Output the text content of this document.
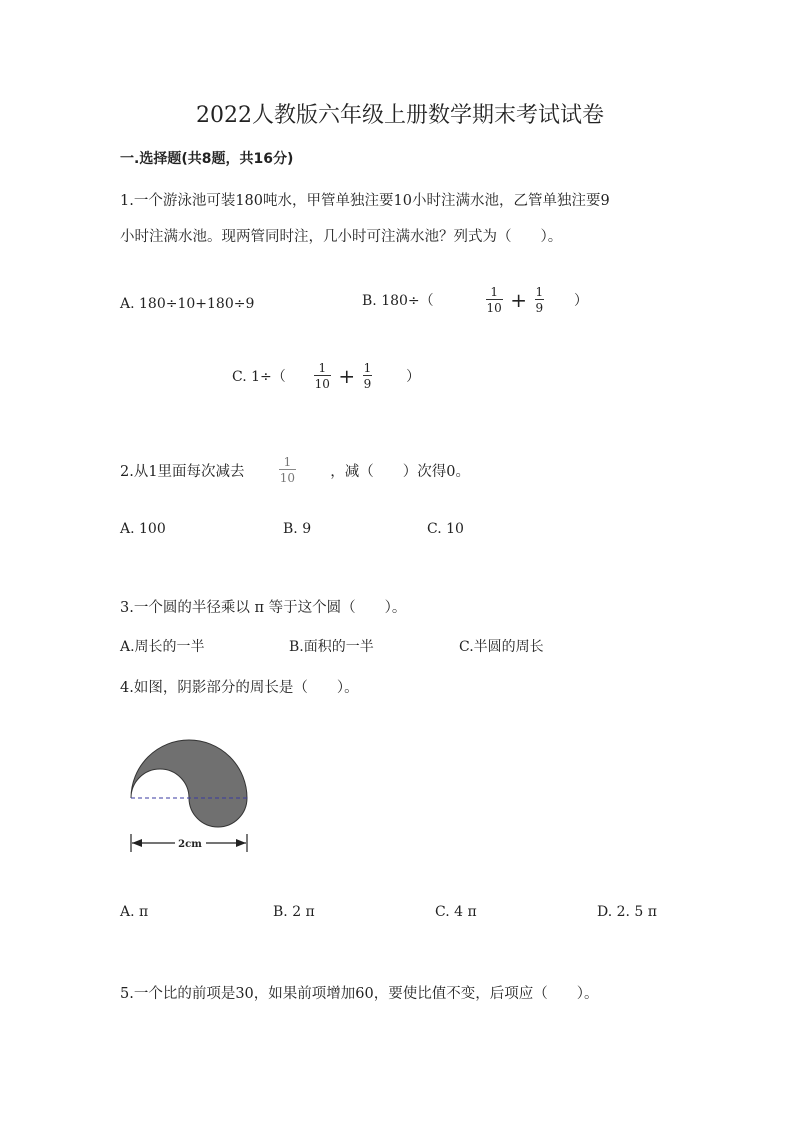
2022人教版六年级上册数学期末考试试卷
一.选择题(共8题，共16分)
1.一个游泳池可装180吨水，甲管单独注要10小时注满水池，乙管单独注要9
小时注满水池。现两管同时注，几小时可注满水池？列式为（　　）。
A. 180÷10+180÷9	B. 180÷（	$\frac{1}{10} + \frac{1}{9}$ ）
C. $1\div( \frac{1}{10} + \frac{1}{9}$ ）
2.从1里面每次减去	$\frac{1}{10}$ ，减（　　）次得0。
A. 100	B. 9	C. 10
3.一个圆的半径乘以 π 等于这个圆（　　）。
A.周长的一半	B.面积的一半	C.半圆的周长
4.如图，阴影部分的周长是（　　）。
2cm
A. π	B. 2 π	C. 4 π	D. 2. 5 π
5.一个比的前项是30，如果前项增加60，要使比值不变，后项应（　　）。
